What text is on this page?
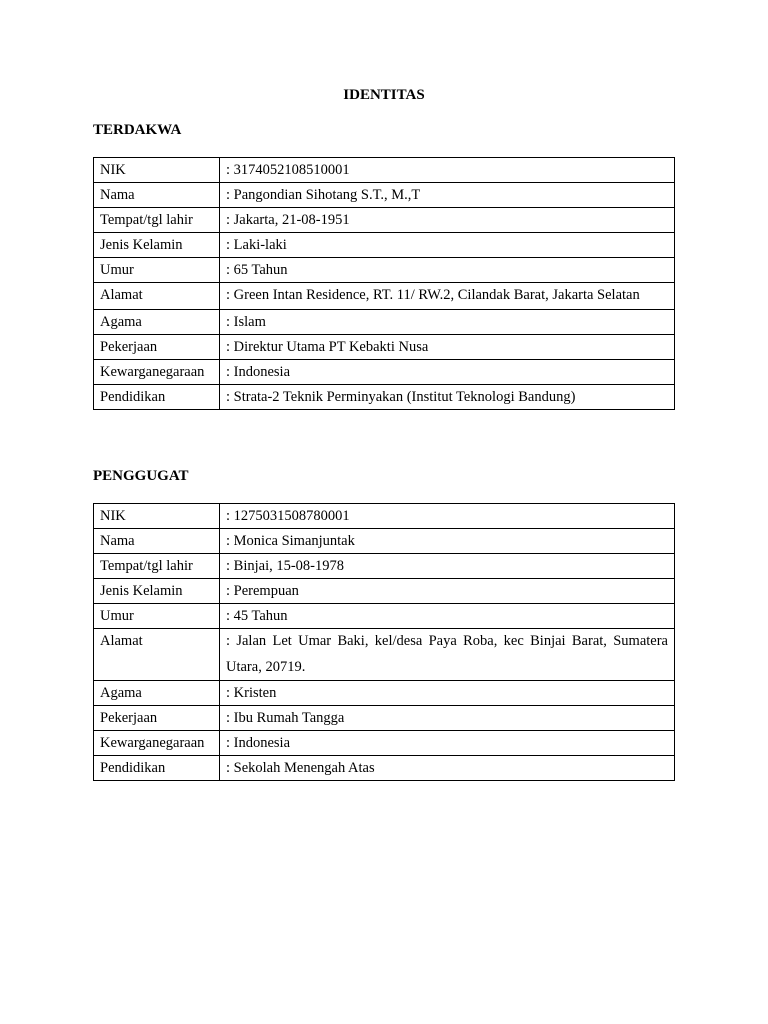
IDENTITAS
TERDAKWA
NIK	: 3174052108510001
Nama	: Pangondian Sihotang S.T., M.,T
Tempat/tgl lahir	: Jakarta, 21-08-1951
Jenis Kelamin	: Laki-laki
Umur	: 65 Tahun
Alamat	: Green Intan Residence, RT. 11/ RW.2, Cilandak Barat, Jakarta Selatan
Agama	: Islam
Pekerjaan	: Direktur Utama PT Kebakti Nusa
Kewarganegaraan	: Indonesia
Pendidikan	: Strata-2 Teknik Perminyakan (Institut Teknologi Bandung)
PENGGUGAT
NIK	: 1275031508780001
Nama	: Monica Simanjuntak
Tempat/tgl lahir	: Binjai, 15-08-1978
Jenis Kelamin	: Perempuan
Umur	: 45 Tahun
Alamat	: Jalan Let Umar Baki, kel/desa Paya Roba, kec Binjai Barat, Sumatera Utara, 20719.
Agama	: Kristen
Pekerjaan	: Ibu Rumah Tangga
Kewarganegaraan	: Indonesia
Pendidikan	: Sekolah Menengah Atas
